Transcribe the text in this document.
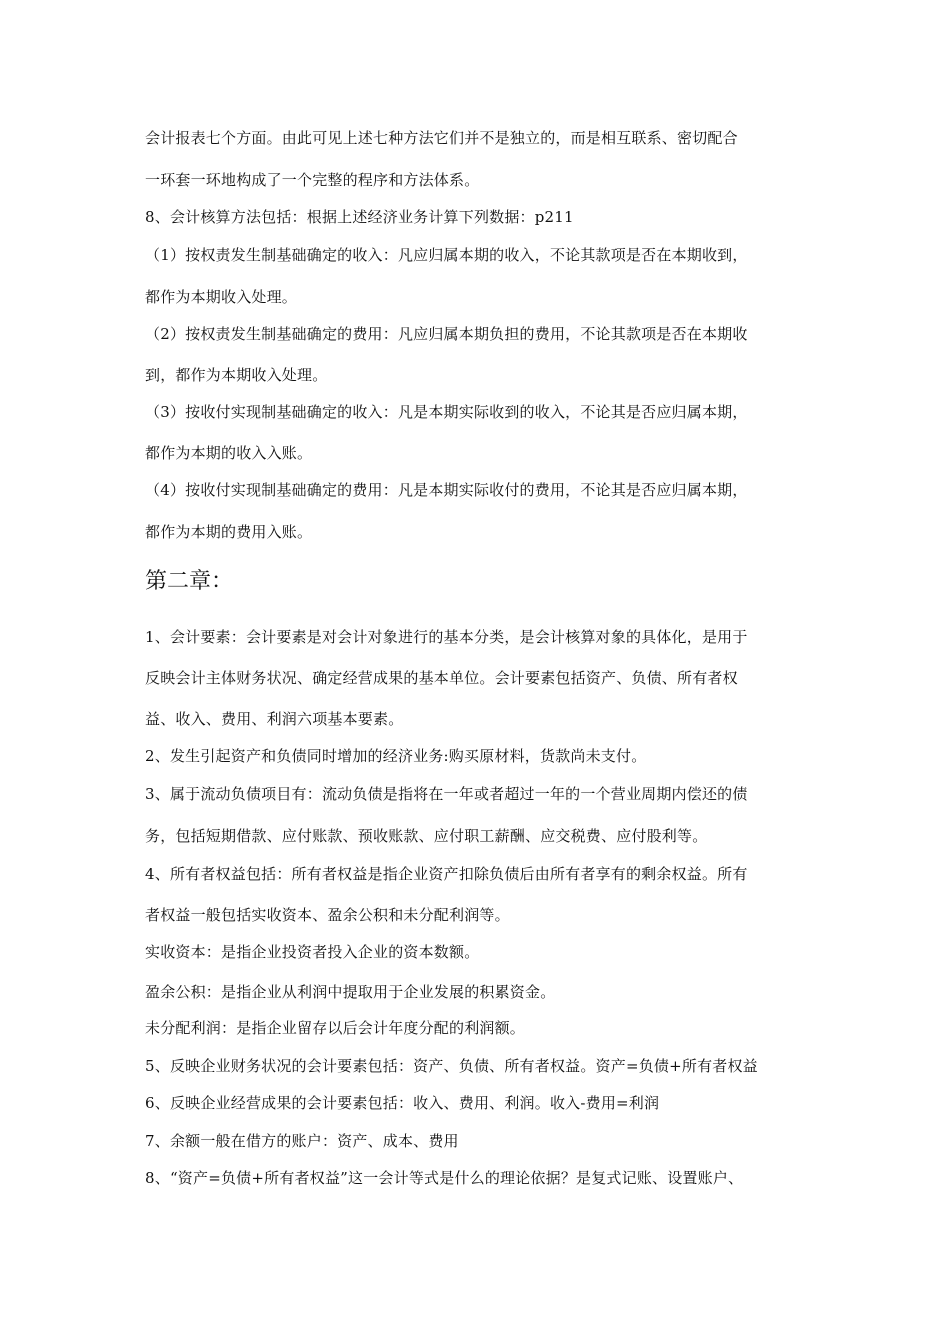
会计报表七个方面。由此可见上述七种方法它们并不是独立的，而是相互联系、密切配合
一环套一环地构成了一个完整的程序和方法体系。
8、会计核算方法包括：根据上述经济业务计算下列数据：p211
（1）按权责发生制基础确定的收入：凡应归属本期的收入，不论其款项是否在本期收到，
都作为本期收入处理。
（2）按权责发生制基础确定的费用：凡应归属本期负担的费用，不论其款项是否在本期收
到，都作为本期收入处理。
（3）按收付实现制基础确定的收入：凡是本期实际收到的收入，不论其是否应归属本期，
都作为本期的收入入账。
（4）按收付实现制基础确定的费用：凡是本期实际收付的费用，不论其是否应归属本期，
都作为本期的费用入账。
第二章：
1、会计要素：会计要素是对会计对象进行的基本分类，是会计核算对象的具体化，是用于
反映会计主体财务状况、确定经营成果的基本单位。会计要素包括资产、负债、所有者权
益、收入、费用、利润六项基本要素。
2、发生引起资产和负债同时增加的经济业务:购买原材料，货款尚未支付。
3、属于流动负债项目有：流动负债是指将在一年或者超过一年的一个营业周期内偿还的债
务，包括短期借款、应付账款、预收账款、应付职工薪酬、应交税费、应付股利等。
4、所有者权益包括：所有者权益是指企业资产扣除负债后由所有者享有的剩余权益。所有
者权益一般包括实收资本、盈余公积和未分配利润等。
实收资本：是指企业投资者投入企业的资本数额。
盈余公积：是指企业从利润中提取用于企业发展的积累资金。
未分配利润：是指企业留存以后会计年度分配的利润额。
5、反映企业财务状况的会计要素包括：资产、负债、所有者权益。资产=负债+所有者权益
6、反映企业经营成果的会计要素包括：收入、费用、利润。收入-费用=利润
7、余额一般在借方的账户：资产、成本、费用
8、“资产=负债+所有者权益”这一会计等式是什么的理论依据？是复式记账、设置账户、
